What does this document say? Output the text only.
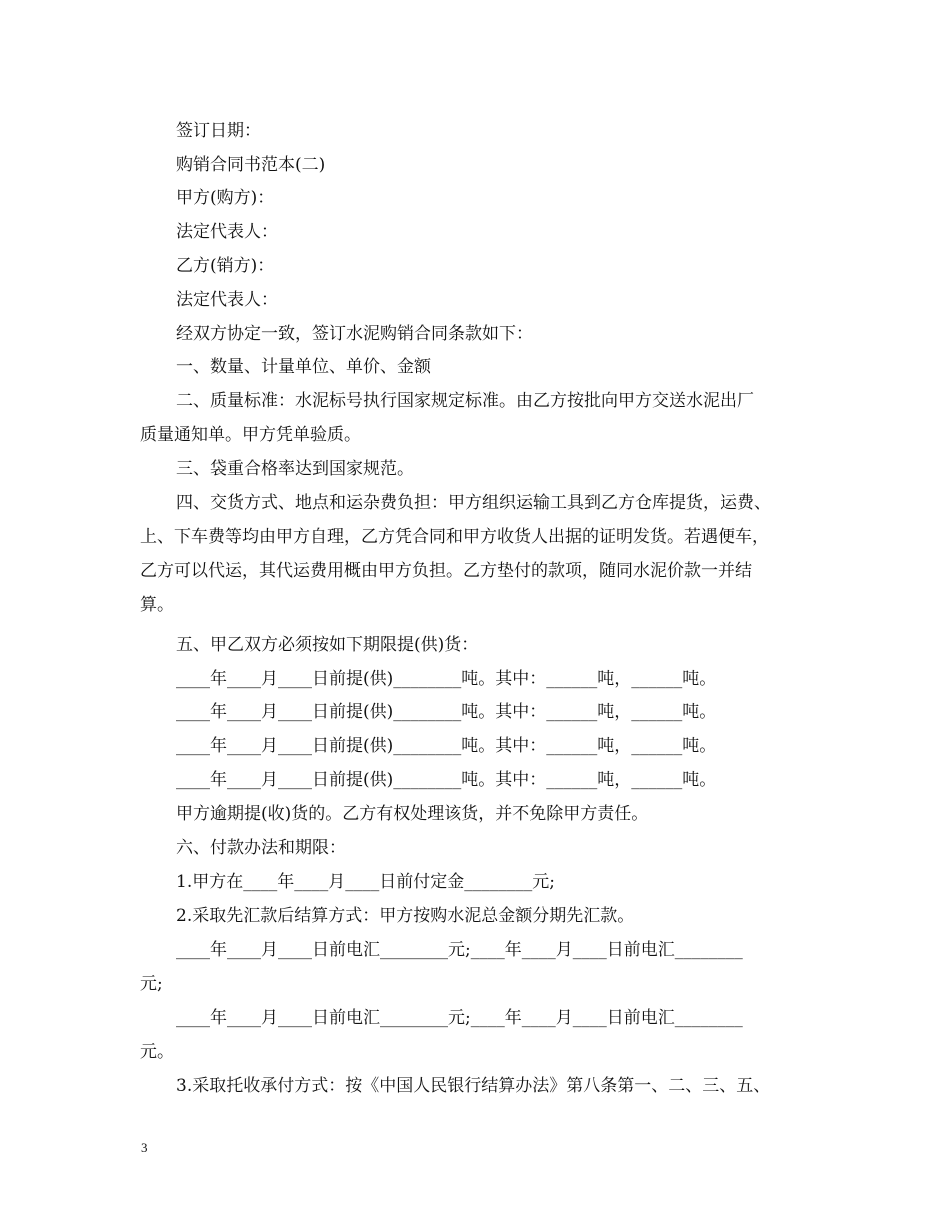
签订日期：
购销合同书范本(二)
甲方(购方)：
法定代表人：
乙方(销方)：
法定代表人：
经双方协定一致，签订水泥购销合同条款如下：
一、数量、计量单位、单价、金额
二、质量标准：水泥标号执行国家规定标准。由乙方按批向甲方交送水泥出厂
质量通知单。甲方凭单验质。
三、袋重合格率达到国家规范。
四、交货方式、地点和运杂费负担：甲方组织运输工具到乙方仓库提货，运费、
上、下车费等均由甲方自理，乙方凭合同和甲方收货人出据的证明发货。若遇便车，
乙方可以代运，其代运费用概由甲方负担。乙方垫付的款项，随同水泥价款一并结
算。
五、甲乙双方必须按如下期限提(供)货：
____年____月____日前提(供)________吨。其中：______吨，______吨。
____年____月____日前提(供)________吨。其中：______吨，______吨。
____年____月____日前提(供)________吨。其中：______吨，______吨。
____年____月____日前提(供)________吨。其中：______吨，______吨。
甲方逾期提(收)货的。乙方有权处理该货，并不免除甲方责任。
六、付款办法和期限：
1.甲方在____年____月____日前付定金________元;
2.采取先汇款后结算方式：甲方按购水泥总金额分期先汇款。
____年____月____日前电汇________元;____年____月____日前电汇________
元;
____年____月____日前电汇________元;____年____月____日前电汇________
元。
3.采取托收承付方式：按《中国人民银行结算办法》第八条第一、二、三、五、
3
